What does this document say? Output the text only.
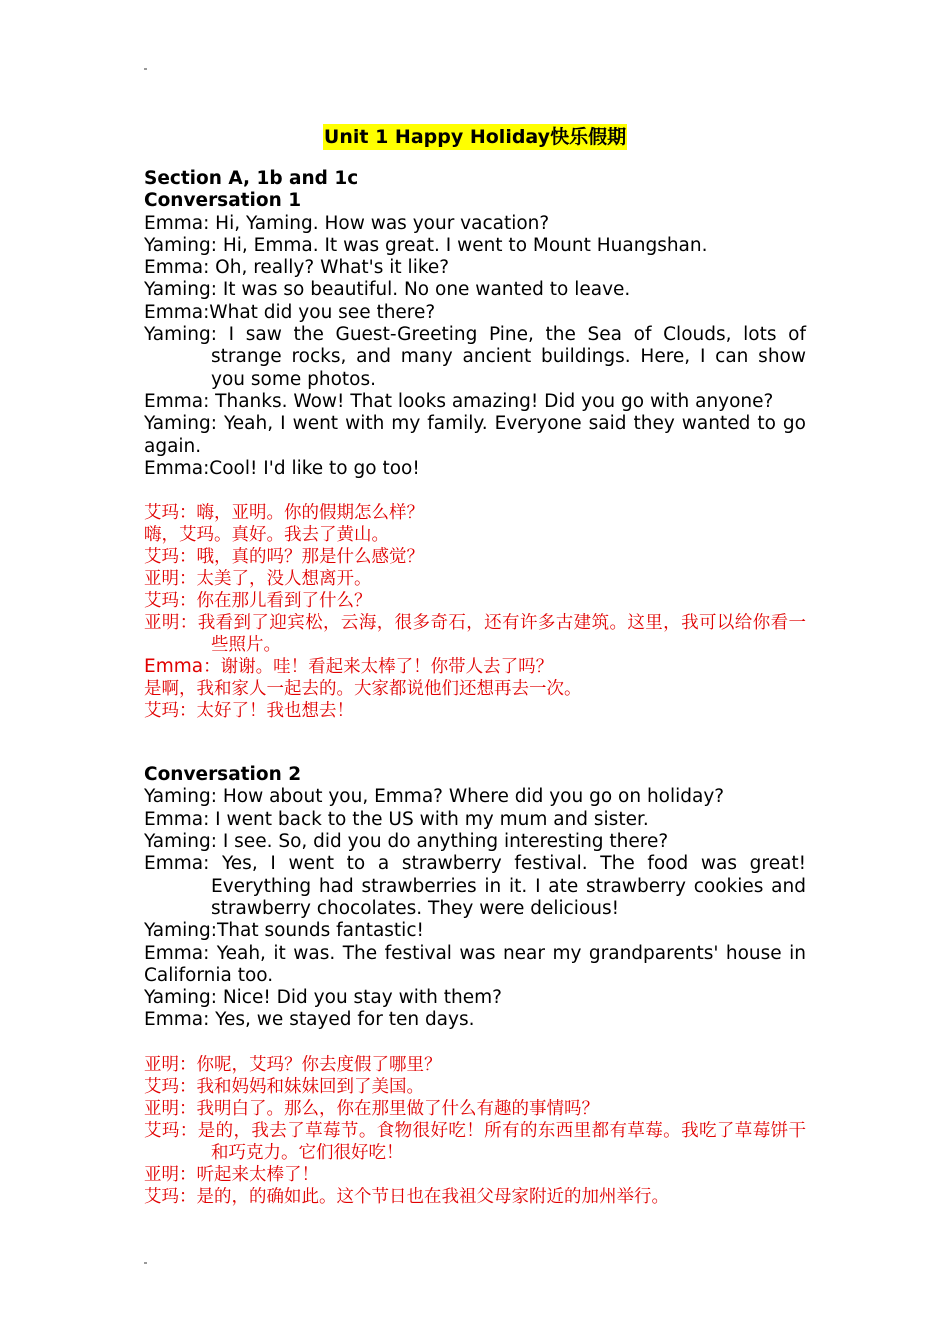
Unit 1 Happy Holiday快乐假期
Section A, 1b and 1c
Conversation 1

Emma: Hi, Yaming. How was your vacation?

Yaming: Hi, Emma. It was great. I went to Mount Huangshan.

Emma: Oh, really? What's it like?

Yaming: It was so beautiful. No one wanted to leave.

Emma:What did you see there?

Yaming: I saw the Guest-Greeting Pine, the Sea of Clouds, lots of strange rocks, and many ancient buildings. Here, I can show you some photos.

Emma: Thanks. Wow! That looks amazing! Did you go with anyone?

Yaming: Yeah, I went with my family. Everyone said they wanted to go again.

Emma:Cool! I'd like to go too!

艾玛：嗨，亚明。你的假期怎么样？

嗨，艾玛。真好。我去了黄山。

艾玛：哦，真的吗？那是什么感觉？

亚明：太美了，没人想离开。

艾玛：你在那儿看到了什么？

亚明：我看到了迎宾松，云海，很多奇石，还有许多古建筑。这里，我可以给你看一些照片。

Emma：谢谢。哇！看起来太棒了！你带人去了吗？

是啊，我和家人一起去的。大家都说他们还想再去一次。

艾玛：太好了！我也想去！

Conversation 2

Yaming: How about you, Emma? Where did you go on holiday?

Emma: I went back to the US with my mum and sister.

Yaming: I see. So, did you do anything interesting there?

Emma: Yes, I went to a strawberry festival. The food was great! Everything had strawberries in it. I ate strawberry cookies and strawberry chocolates. They were delicious!

Yaming:That sounds fantastic!

Emma: Yeah, it was. The festival was near my grandparents' house in California too.

Yaming: Nice! Did you stay with them?

Emma: Yes, we stayed for ten days.

亚明：你呢，艾玛？你去度假了哪里？

艾玛：我和妈妈和妹妹回到了美国。

亚明：我明白了。那么，你在那里做了什么有趣的事情吗？

艾玛：是的，我去了草莓节。食物很好吃！所有的东西里都有草莓。我吃了草莓饼干和巧克力。它们很好吃！

亚明：听起来太棒了！

艾玛：是的，的确如此。这个节日也在我祖父母家附近的加州举行。
